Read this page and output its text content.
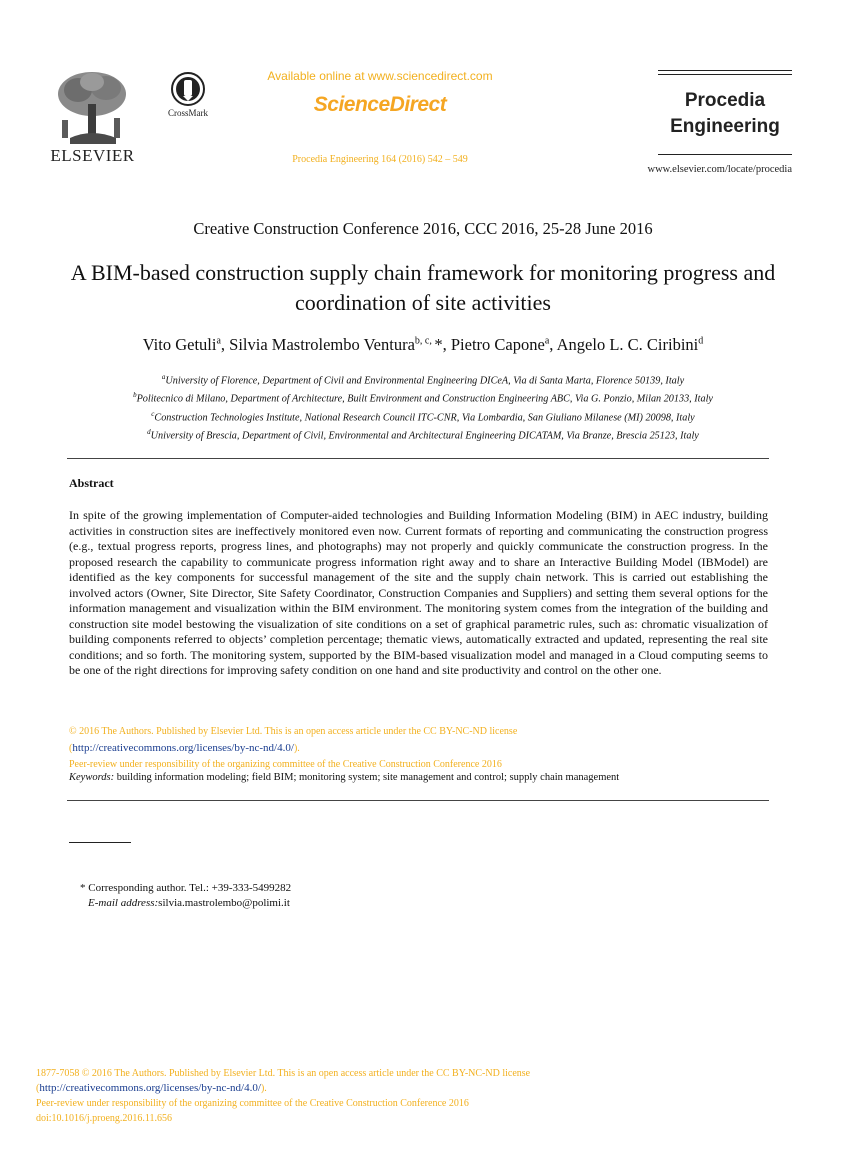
ELSEVIER
CrossMark
Available online at www.sciencedirect.com
ScienceDirect
Procedia Engineering 164 (2016) 542 – 549
Procedia
Engineering
www.elsevier.com/locate/procedia
Creative Construction Conference 2016, CCC 2016, 25-28 June 2016
A BIM-based construction supply chain framework for monitoring progress and coordination of site activities
Vito Getuli$^a$, Silvia Mastrolembo Ventura$^{b, c,}$ *, Pietro Capone$^a$, Angelo L. C. Ciribini$^d$
$^a$University of Florence, Department of Civil and Environmental Engineering DICeA, Via di Santa Marta, Florence 50139, Italy
$^b$Politecnico di Milano, Department of Architecture, Built Environment and Construction Engineering ABC, Via G. Ponzio, Milan 20133, Italy
$^c$Construction Technologies Institute, National Research Council ITC-CNR, Via Lombardia, San Giuliano Milanese (MI) 20098, Italy
$^d$University of Brescia, Department of Civil, Environmental and Architectural Engineering DICATAM, Via Branze, Brescia 25123, Italy
Abstract
In spite of the growing implementation of Computer-aided technologies and Building Information Modeling (BIM) in AEC industry, building activities in construction sites are ineffectively monitored even now. Current formats of reporting and communicating the construction progress (e.g., textual progress reports, progress lines, and photographs) may not properly and quickly communicate the construction progress. In the proposed research the capability to communicate progress information right away and to share an Interactive Building Model (IBModel) are identified as the key components for successful management of the site and the supply chain network. This is carried out establishing the involved actors (Owner, Site Director, Site Safety Coordinator, Construction Companies and Suppliers) and setting them several options for the information management and visualization within the BIM environment. The monitoring system comes from the integration of the building and construction site model bestowing the visualization of site conditions on a set of graphical parametric rules, such as: chromatic visualization of building components referred to objects’ completion percentage; thematic views, automatically extracted and updated, representing the real site conditions; and so forth. The monitoring system, supported by the BIM-based visualization model and managed in a Cloud computing seems to be one of the right directions for improving safety condition on one hand and site productivity and control on the other one.
© 2016 The Authors. Published by Elsevier Ltd. This is an open access article under the CC BY-NC-ND license
(http://creativecommons.org/licenses/by-nc-nd/4.0/).
Peer-review under responsibility of the organizing committee of the Creative Construction Conference 2016
Keywords: building information modeling; field BIM; monitoring system; site management and control; supply chain management
* Corresponding author. Tel.: +39-333-5499282
E-mail address:silvia.mastrolembo@polimi.it
1877-7058 © 2016 The Authors. Published by Elsevier Ltd. This is an open access article under the CC BY-NC-ND license
(http://creativecommons.org/licenses/by-nc-nd/4.0/).
Peer-review under responsibility of the organizing committee of the Creative Construction Conference 2016
doi:10.1016/j.proeng.2016.11.656
